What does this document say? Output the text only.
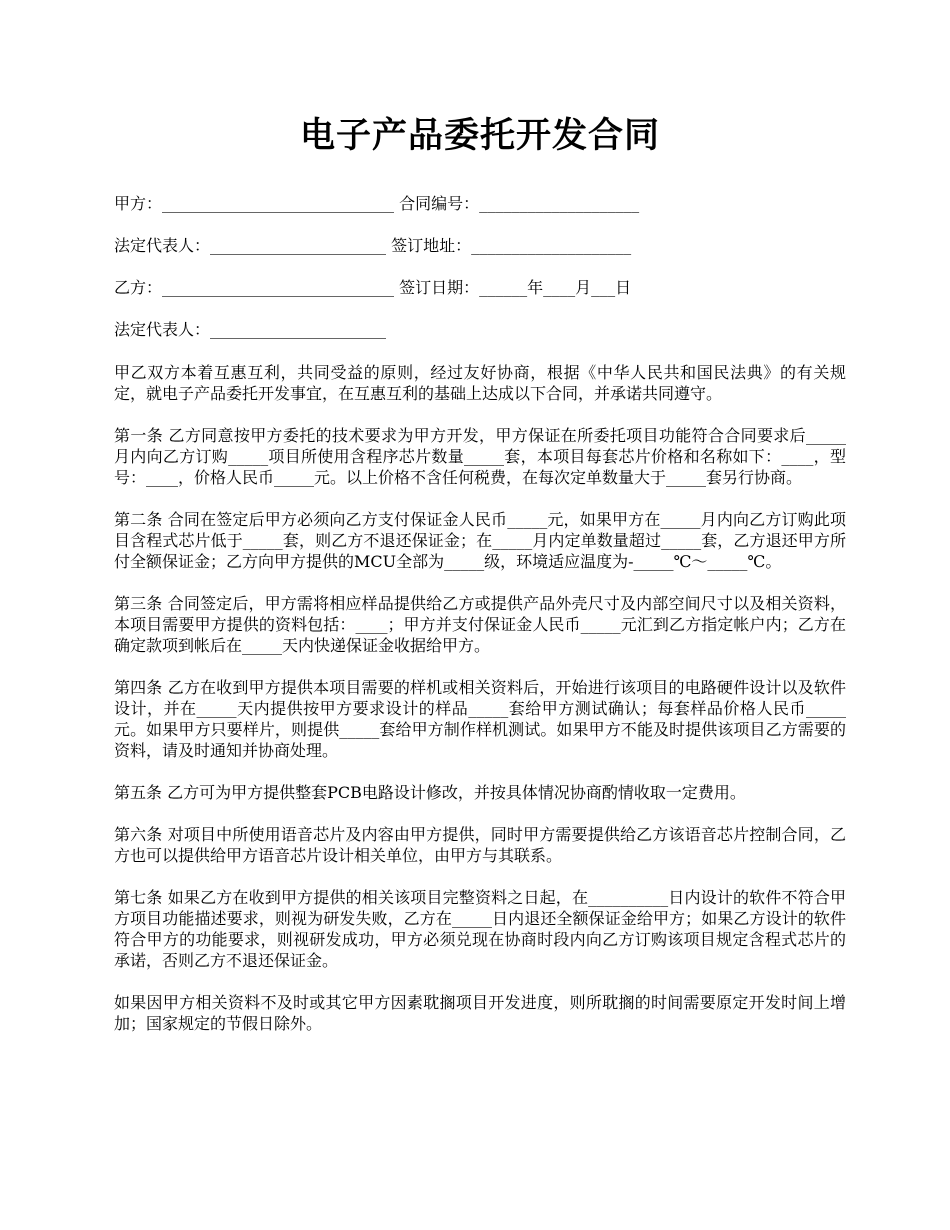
电子产品委托开发合同
甲方：_____________________________ 合同编号：____________________
法定代表人：______________________ 签订地址：____________________
乙方：_____________________________ 签订日期：______年____月___日
法定代表人：______________________
甲乙双方本着互惠互利，共同受益的原则，经过友好协商，根据《中华人民共和国民法典》的有关规定，就电子产品委托开发事宜，在互惠互利的基础上达成以下合同，并承诺共同遵守。
第一条 乙方同意按甲方委托的技术要求为甲方开发，甲方保证在所委托项目功能符合合同要求后_____月内向乙方订购_____项目所使用含程序芯片数量_____套，本项目每套芯片价格和名称如下：____，型号：____，价格人民币_____元。以上价格不含任何税费，在每次定单数量大于_____套另行协商。
第二条 合同在签定后甲方必须向乙方支付保证金人民币_____元，如果甲方在_____月内向乙方订购此项目含程式芯片低于_____套，则乙方不退还保证金；在_____月内定单数量超过_____套，乙方退还甲方所付全额保证金；乙方向甲方提供的MCU全部为_____级，环境适应温度为-_____℃～_____℃。
第三条 合同签定后，甲方需将相应样品提供给乙方或提供产品外壳尺寸及内部空间尺寸以及相关资料，本项目需要甲方提供的资料包括：____；甲方并支付保证金人民币_____元汇到乙方指定帐户内；乙方在确定款项到帐后在_____天内快递保证金收据给甲方。
第四条 乙方在收到甲方提供本项目需要的样机或相关资料后，开始进行该项目的电路硬件设计以及软件设计，并在_____天内提供按甲方要求设计的样品_____套给甲方测试确认；每套样品价格人民币_____元。如果甲方只要样片，则提供_____套给甲方制作样机测试。如果甲方不能及时提供该项目乙方需要的资料，请及时通知并协商处理。
第五条 乙方可为甲方提供整套PCB电路设计修改，并按具体情况协商酌情收取一定费用。
第六条 对项目中所使用语音芯片及内容由甲方提供，同时甲方需要提供给乙方该语音芯片控制合同，乙方也可以提供给甲方语音芯片设计相关单位，由甲方与其联系。
第七条 如果乙方在收到甲方提供的相关该项目完整资料之日起，在__________日内设计的软件不符合甲方项目功能描述要求，则视为研发失败，乙方在_____日内退还全额保证金给甲方；如果乙方设计的软件符合甲方的功能要求，则视研发成功，甲方必须兑现在协商时段内向乙方订购该项目规定含程式芯片的承诺，否则乙方不退还保证金。
如果因甲方相关资料不及时或其它甲方因素耽搁项目开发进度，则所耽搁的时间需要原定开发时间上增加；国家规定的节假日除外。
